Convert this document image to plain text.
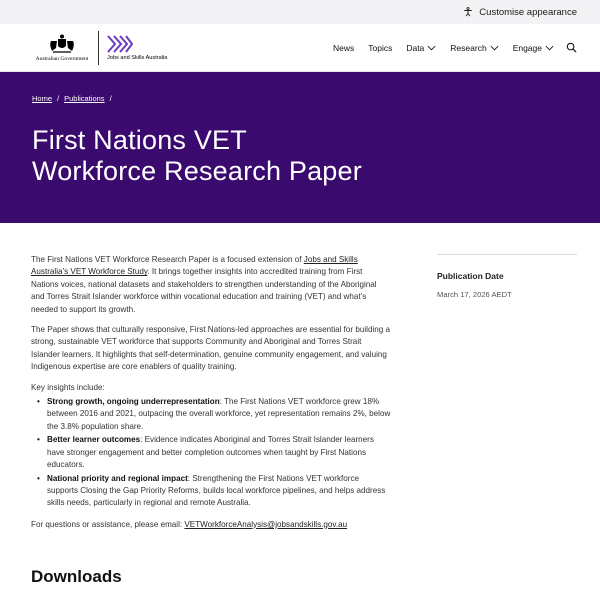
Customise appearance
Australian Government	Jobs and Skills Australia
News Topics Data	Research	Engage
Home / Publications /
First Nations VET
Workforce Research Paper

The First Nations VET Workforce Research Paper is a focused extension of Jobs and Skills Australia’s VET Workforce Study. It brings together insights into accredited training from First Nations voices, national datasets and stakeholders to strengthen understanding of the Aboriginal and Torres Strait Islander workforce within vocational education and training (VET) and what’s needed to support its growth.

The Paper shows that culturally responsive, First Nations-led approaches are essential for building a strong, sustainable VET workforce that supports Community and Aboriginal and Torres Strait Islander learners. It highlights that self-determination, genuine community engagement, and valuing Indigenous expertise are core enablers of quality training.

Key insights include:
• Strong growth, ongoing underrepresentation: The First Nations VET workforce grew 18% between 2016 and 2021, outpacing the overall workforce, yet representation remains 2%, below the 3.8% population share.
• Better learner outcomes: Evidence indicates Aboriginal and Torres Strait Islander learners have stronger engagement and better completion outcomes when taught by First Nations educators.
• National priority and regional impact: Strengthening the First Nations VET workforce supports Closing the Gap Priority Reforms, builds local workforce pipelines, and helps address skills needs, particularly in regional and remote Australia.

For questions or assistance, please email: VETWorkforceAnalysis@jobsandskills.gov.au

Downloads
Publication Date
March 17, 2026 AEDT
